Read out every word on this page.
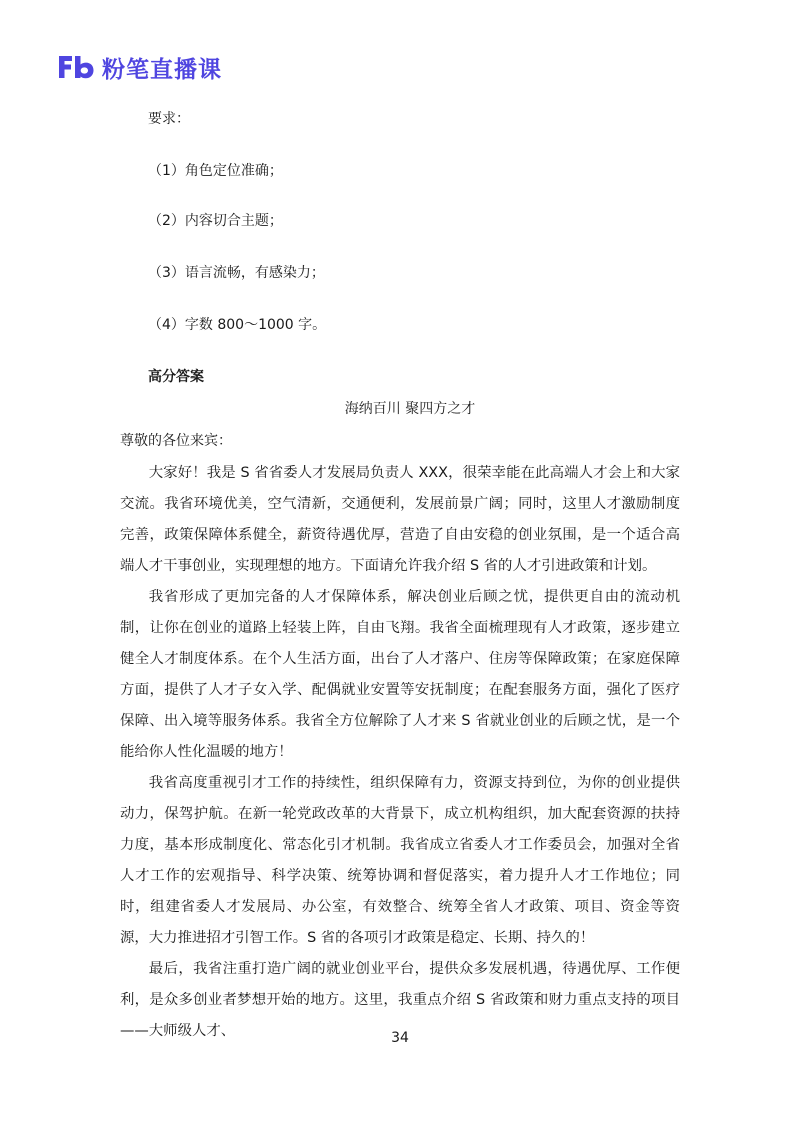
粉笔直播课
要求：
（1）角色定位准确；
（2）内容切合主题；
（3）语言流畅，有感染力；
（4）字数 800～1000 字。
高分答案
海纳百川 聚四方之才
尊敬的各位来宾：

大家好！我是 S 省省委人才发展局负责人 XXX，很荣幸能在此高端人才会上和大家交流。我省环境优美，空气清新，交通便利，发展前景广阔；同时，这里人才激励制度完善，政策保障体系健全，薪资待遇优厚，营造了自由安稳的创业氛围，是一个适合高端人才干事创业，实现理想的地方。下面请允许我介绍 S 省的人才引进政策和计划。

我省形成了更加完备的人才保障体系，解决创业后顾之忧，提供更自由的流动机制，让你在创业的道路上轻装上阵，自由飞翔。我省全面梳理现有人才政策，逐步建立健全人才制度体系。在个人生活方面，出台了人才落户、住房等保障政策；在家庭保障方面，提供了人才子女入学、配偶就业安置等安抚制度；在配套服务方面，强化了医疗保障、出入境等服务体系。我省全方位解除了人才来 S 省就业创业的后顾之忧，是一个能给你人性化温暖的地方！

我省高度重视引才工作的持续性，组织保障有力，资源支持到位，为你的创业提供动力，保驾护航。在新一轮党政改革的大背景下，成立机构组织，加大配套资源的扶持力度，基本形成制度化、常态化引才机制。我省成立省委人才工作委员会，加强对全省人才工作的宏观指导、科学决策、统筹协调和督促落实，着力提升人才工作地位；同时，组建省委人才发展局、办公室，有效整合、统筹全省人才政策、项目、资金等资源，大力推进招才引智工作。S 省的各项引才政策是稳定、长期、持久的！

最后，我省注重打造广阔的就业创业平台，提供众多发展机遇，待遇优厚、工作便利，是众多创业者梦想开始的地方。这里，我重点介绍 S 省政策和财力重点支持的项目——大师级人才、	34
